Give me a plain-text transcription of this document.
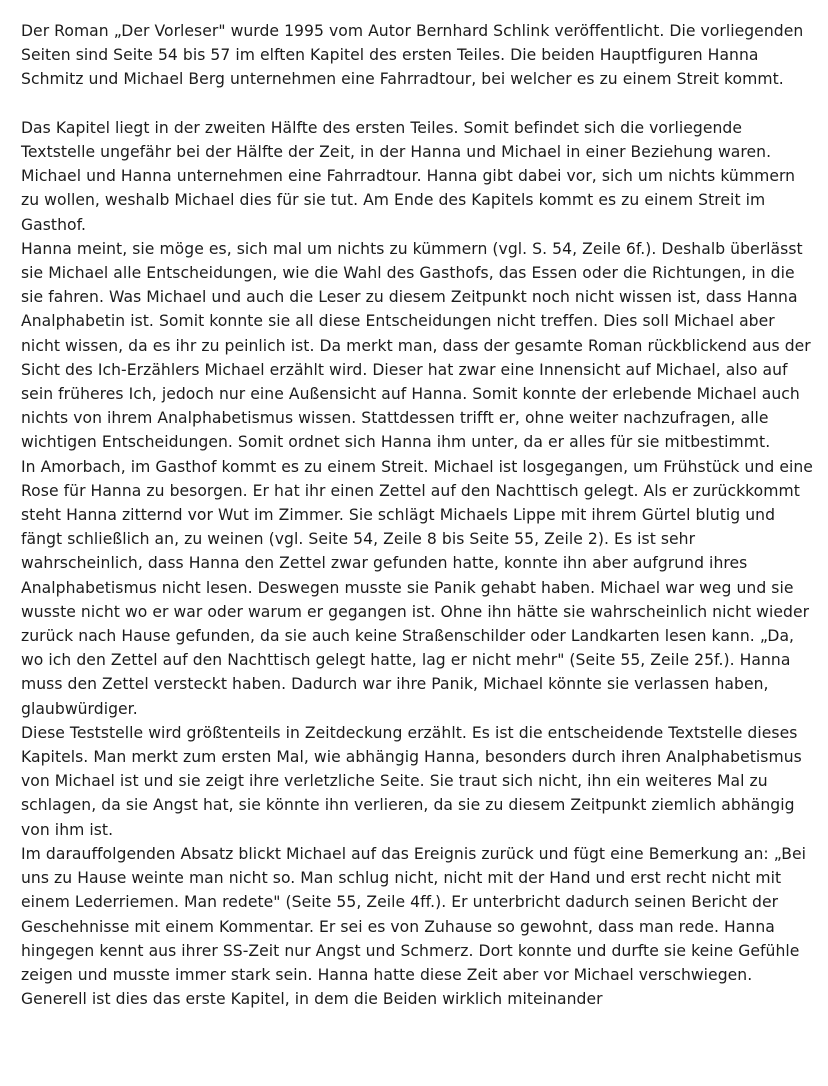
Der Roman „Der Vorleser" wurde 1995 vom Autor Bernhard Schlink veröffentlicht. Die vorliegenden Seiten sind Seite 54 bis 57 im elften Kapitel des ersten Teiles. Die beiden Hauptfiguren Hanna Schmitz und Michael Berg unternehmen eine Fahrradtour, bei welcher es zu einem Streit kommt.

Das Kapitel liegt in der zweiten Hälfte des ersten Teiles. Somit befindet sich die vorliegende Textstelle ungefähr bei der Hälfte der Zeit, in der Hanna und Michael in einer Beziehung waren. Michael und Hanna unternehmen eine Fahrradtour. Hanna gibt dabei vor, sich um nichts kümmern zu wollen, weshalb Michael dies für sie tut. Am Ende des Kapitels kommt es zu einem Streit im Gasthof.

Hanna meint, sie möge es, sich mal um nichts zu kümmern (vgl. S. 54, Zeile 6f.). Deshalb überlässt sie Michael alle Entscheidungen, wie die Wahl des Gasthofs, das Essen oder die Richtungen, in die sie fahren. Was Michael und auch die Leser zu diesem Zeitpunkt noch nicht wissen ist, dass Hanna Analphabetin ist. Somit konnte sie all diese Entscheidungen nicht treffen. Dies soll Michael aber nicht wissen, da es ihr zu peinlich ist. Da merkt man, dass der gesamte Roman rückblickend aus der Sicht des Ich-Erzählers Michael erzählt wird. Dieser hat zwar eine Innensicht auf Michael, also auf sein früheres Ich, jedoch nur eine Außensicht auf Hanna. Somit konnte der erlebende Michael auch nichts von ihrem Analphabetismus wissen. Stattdessen trifft er, ohne weiter nachzufragen, alle wichtigen Entscheidungen. Somit ordnet sich Hanna ihm unter, da er alles für sie mitbestimmt.

In Amorbach, im Gasthof kommt es zu einem Streit. Michael ist losgegangen, um Frühstück und eine Rose für Hanna zu besorgen. Er hat ihr einen Zettel auf den Nachttisch gelegt. Als er zurückkommt steht Hanna zitternd vor Wut im Zimmer. Sie schlägt Michaels Lippe mit ihrem Gürtel blutig und fängt schließlich an, zu weinen (vgl. Seite 54, Zeile 8 bis Seite 55, Zeile 2). Es ist sehr wahrscheinlich, dass Hanna den Zettel zwar gefunden hatte, konnte ihn aber aufgrund ihres Analphabetismus nicht lesen. Deswegen musste sie Panik gehabt haben. Michael war weg und sie wusste nicht wo er war oder warum er gegangen ist. Ohne ihn hätte sie wahrscheinlich nicht wieder zurück nach Hause gefunden, da sie auch keine Straßenschilder oder Landkarten lesen kann. „Da, wo ich den Zettel auf den Nachttisch gelegt hatte, lag er nicht mehr" (Seite 55, Zeile 25f.). Hanna muss den Zettel versteckt haben. Dadurch war ihre Panik, Michael könnte sie verlassen haben, glaubwürdiger.

Diese Teststelle wird größtenteils in Zeitdeckung erzählt. Es ist die entscheidende Textstelle dieses Kapitels. Man merkt zum ersten Mal, wie abhängig Hanna, besonders durch ihren Analphabetismus von Michael ist und sie zeigt ihre verletzliche Seite. Sie traut sich nicht, ihn ein weiteres Mal zu schlagen, da sie Angst hat, sie könnte ihn verlieren, da sie zu diesem Zeitpunkt ziemlich abhängig von ihm ist.

Im darauffolgenden Absatz blickt Michael auf das Ereignis zurück und fügt eine Bemerkung an: „Bei uns zu Hause weinte man nicht so. Man schlug nicht, nicht mit der Hand und erst recht nicht mit einem Lederriemen. Man redete" (Seite 55, Zeile 4ff.). Er unterbricht dadurch seinen Bericht der Geschehnisse mit einem Kommentar. Er sei es von Zuhause so gewohnt, dass man rede. Hanna hingegen kennt aus ihrer SS-Zeit nur Angst und Schmerz. Dort konnte und durfte sie keine Gefühle zeigen und musste immer stark sein. Hanna hatte diese Zeit aber vor Michael verschwiegen. Generell ist dies das erste Kapitel, in dem die Beiden wirklich miteinander
